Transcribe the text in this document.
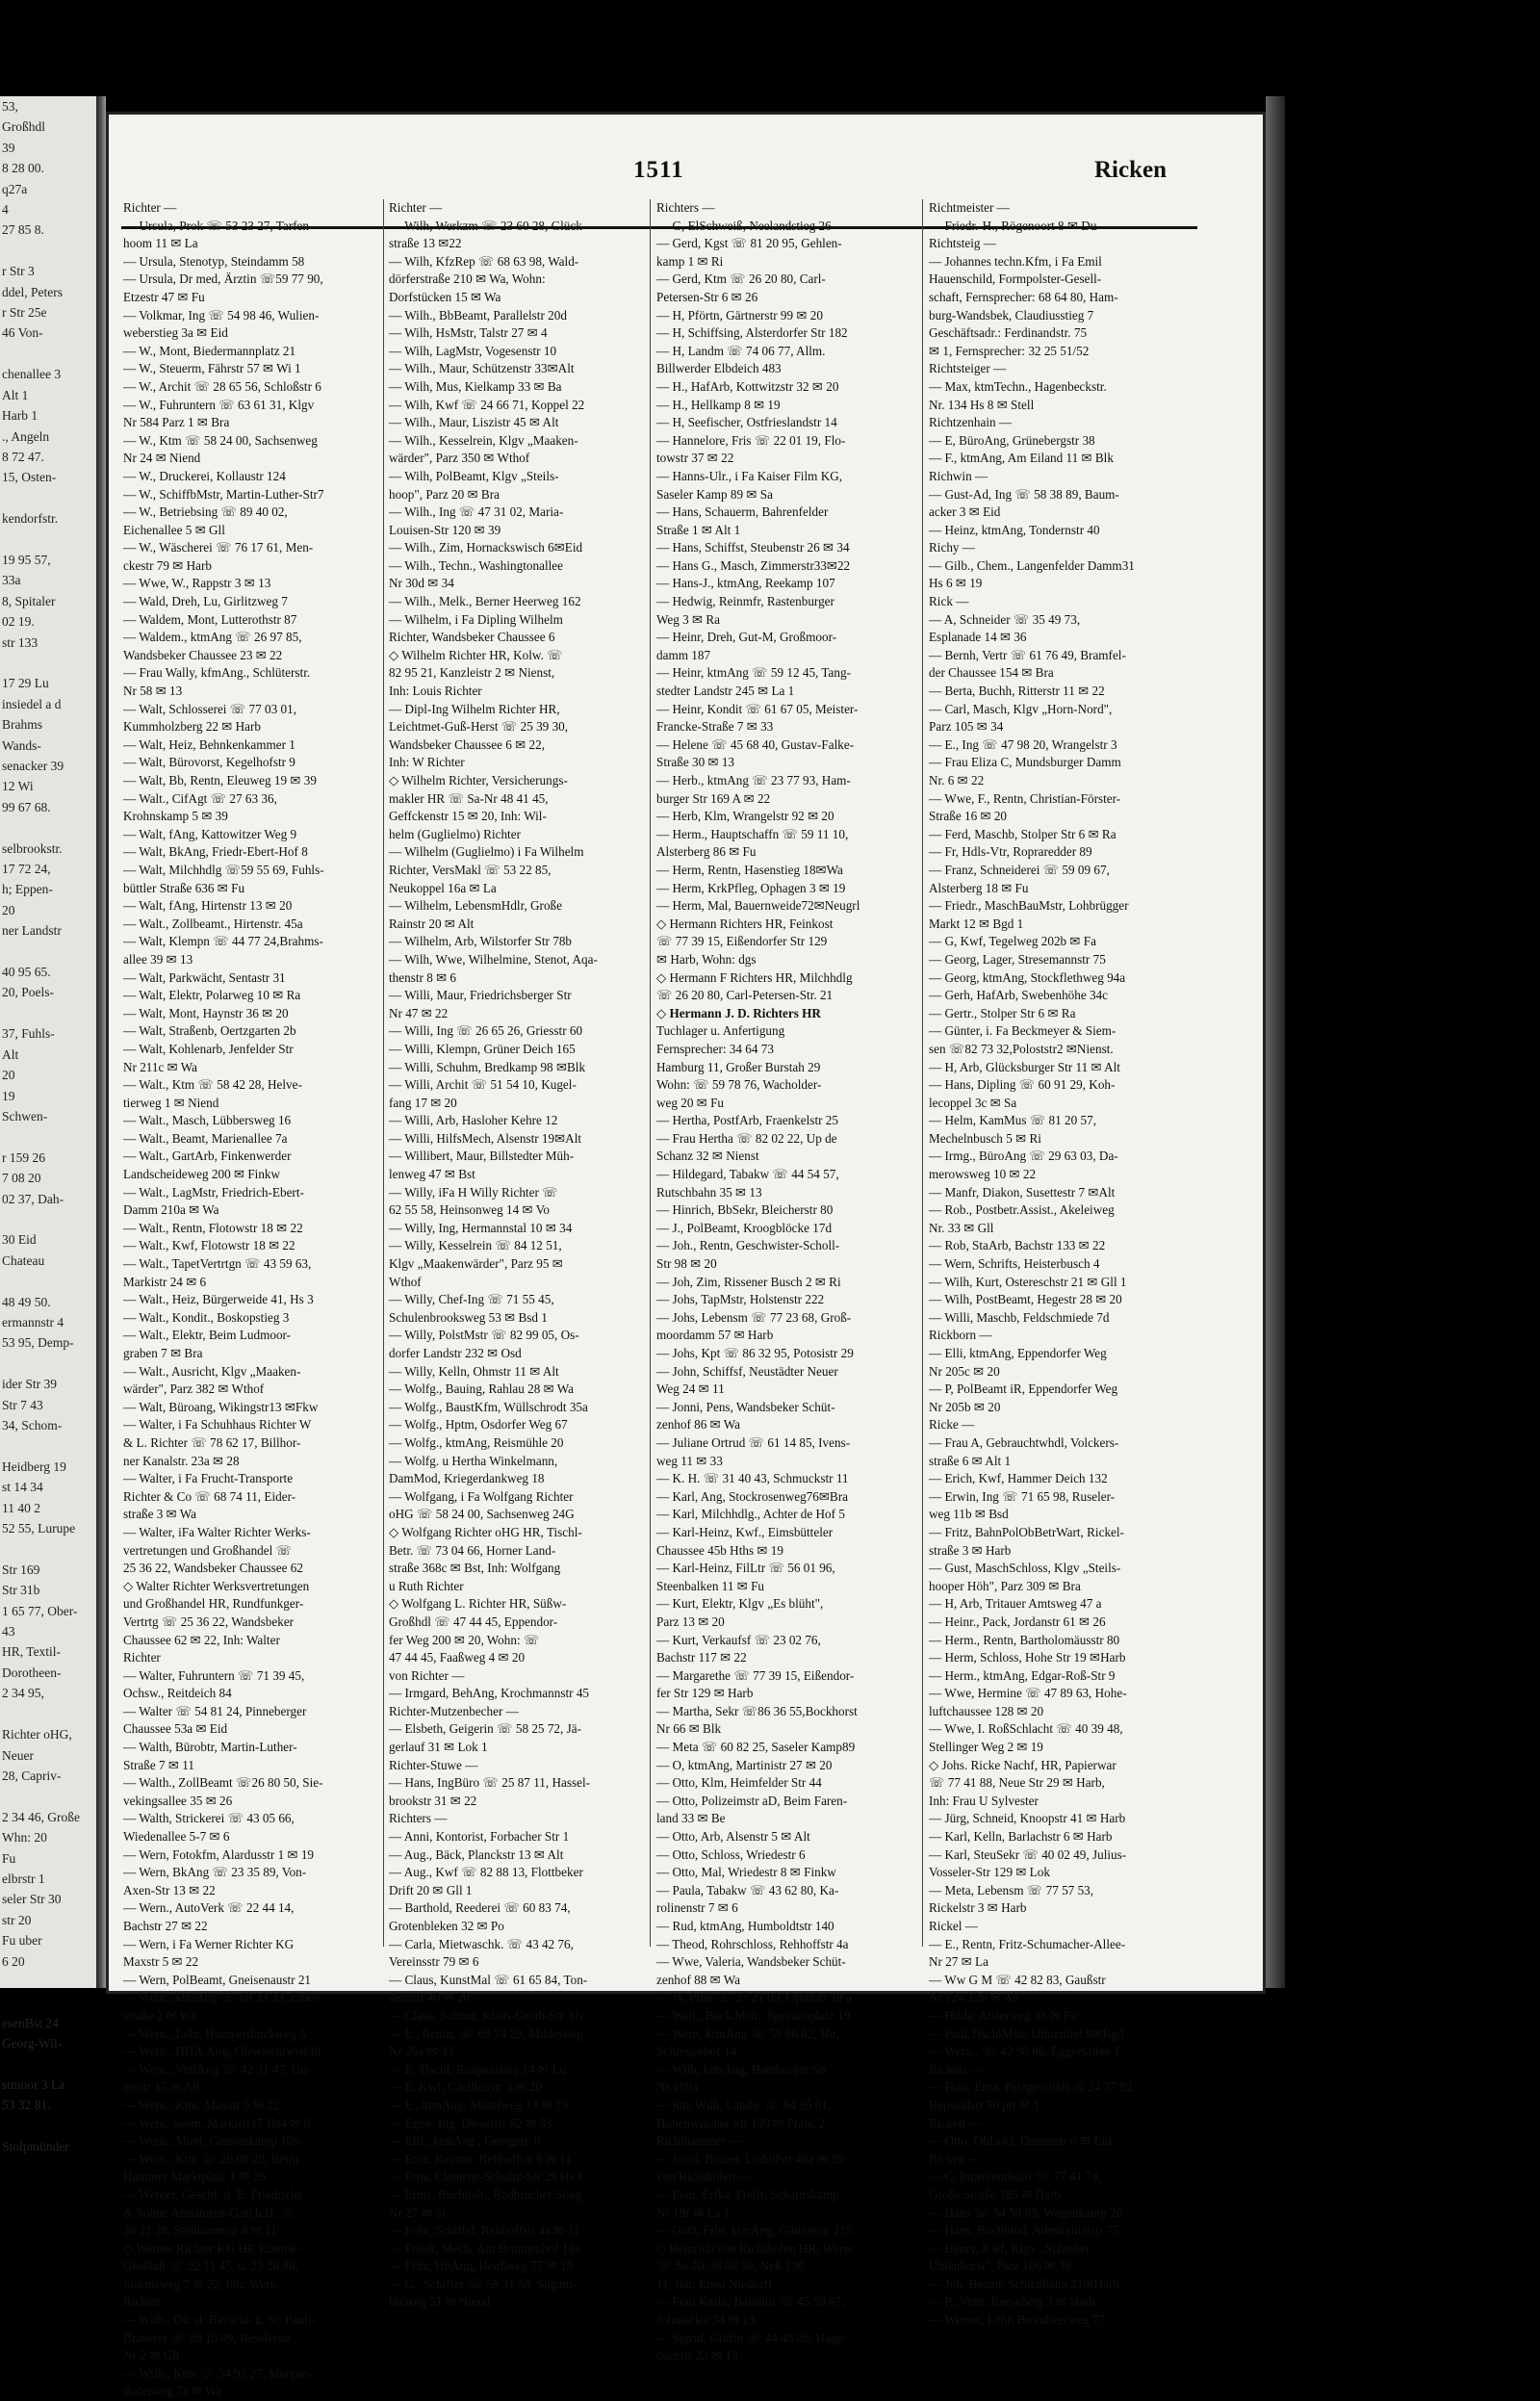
53,
Großhdl
39
8 28 00.
q27a
4
27 85 8.

r Str 3
ddel, Peters
r Str 25e
46 Von-

chenallee 3
Alt 1
Harb 1
., Angeln
8 72 47.
15, Osten-

kendorfstr.

19 95 57,
33a
8, Spitaler
02 19.
str 133

17 29 Lu
insiedel a d
Brahms
Wands-
senacker 39
12 Wi
99 67 68.

selbrookstr.
17 72 24,
h; Eppen-
20
ner Landstr

40 95 65.
20, Poels-

37, Fuhls-
Alt
20
19
Schwen-

r 159 26
7 08 20
02 37, Dah-

30 Eid
Chateau

48 49 50.
ermannstr 4
53 95, Demp-

ider Str 39
Str 7 43
34, Schom-

Heidberg 19
st 14 34
11 40 2
52 55, Lurupe

Str 169
Str 31b
1 65 77, Ober-
43
HR, Textil-
Dorotheen-
2 34 95,

Richter oHG,
Neuer
28, Capriv-

2 34 46, Große
Whn: 20
Fu
elbrstr 1
seler Str 30
str 20
Fu uber
6 20

esenBst 24
Georg-Wil-

stmoor 3 La
53 32 81.

Stolpmünder
1511	Ricken
Richter —
— Ursula, Prok ☏ 53 23 27, Tarfen-
hoom 11 ✉ La
— Ursula, Stenotyp, Steindamm 58
— Ursula, Dr med, Ärztin ☏59 77 90,
Etzestr 47 ✉ Fu
— Volkmar, Ing ☏ 54 98 46, Wulien-
weberstieg 3a ✉ Eid
— W., Mont, Biedermannplatz 21
— W., Steuerm, Fährstr 57 ✉ Wi 1
— W., Archit ☏ 28 65 56, Schloßstr 6
— W., Fuhruntern ☏ 63 61 31, Klgv
Nr 584 Parz 1 ✉ Bra
— W., Ktm ☏ 58 24 00, Sachsenweg
Nr 24 ✉ Niend
— W., Druckerei, Kollaustr 124
— W., SchiffbMstr, Martin-Luther-Str7
— W., Betriebsing ☏ 89 40 02,
Eichenallee 5 ✉ Gll
— W., Wäscherei ☏ 76 17 61, Men-
ckestr 79 ✉ Harb
— Wwe, W., Rappstr 3 ✉ 13
— Wald, Dreh, Lu, Girlitzweg 7
— Waldem, Mont, Lutterothstr 87
— Waldem., ktmAng ☏ 26 97 85,
Wandsbeker Chaussee 23 ✉ 22
— Frau Wally, kfmAng., Schlüterstr.
Nr 58 ✉ 13
— Walt, Schlosserei ☏ 77 03 01,
Kummholzberg 22 ✉ Harb
— Walt, Heiz, Behnkenkammer 1
— Walt, Bürovorst, Kegelhofstr 9
— Walt, Bb, Rentn, Eleuweg 19 ✉ 39
— Walt., CifAgt ☏ 27 63 36,
Krohnskamp 5 ✉ 39
— Walt, fAng, Kattowitzer Weg 9
— Walt, BkAng, Friedr-Ebert-Hof 8
— Walt, Milchhdlg ☏59 55 69, Fuhls-
büttler Straße 636 ✉ Fu
— Walt, fAng, Hirtenstr 13 ✉ 20
— Walt., Zollbeamt., Hirtenstr. 45a
— Walt, Klempn ☏ 44 77 24,Brahms-
allee 39 ✉ 13
— Walt, Parkwächt, Sentastr 31
— Walt, Elektr, Polarweg 10 ✉ Ra
— Walt, Mont, Haynstr 36 ✉ 20
— Walt, Straßenb, Oertzgarten 2b
— Walt, Kohlenarb, Jenfelder Str
Nr 211c ✉ Wa
— Walt., Ktm ☏ 58 42 28, Helve-
tierweg 1 ✉ Niend
— Walt., Masch, Lübbersweg 16
— Walt., Beamt, Marienallee 7a
— Walt., GartArb, Finkenwerder
Landscheideweg 200 ✉ Finkw
— Walt., LagMstr, Friedrich-Ebert-
Damm 210a ✉ Wa
— Walt., Rentn, Flotowstr 18 ✉ 22
— Walt., Kwf, Flotowstr 18 ✉ 22
— Walt., TapetVertrtgn ☏ 43 59 63,
Markistr 24 ✉ 6
— Walt., Heiz, Bürgerweide 41, Hs 3
— Walt., Kondit., Boskopstieg 3
— Walt., Elektr, Beim Ludmoor-
graben 7 ✉ Bra
— Walt., Ausricht, Klgv „Maaken-
wärder", Parz 382 ✉ Wthof
— Walt, Büroang, Wikingstr13 ✉Fkw
— Walter, i Fa Schuhhaus Richter W
& L. Richter ☏ 78 62 17, Billhor-
ner Kanalstr. 23a ✉ 28
— Walter, i Fa Frucht-Transporte
Richter & Co ☏ 68 74 11, Eider-
straße 3 ✉ Wa
— Walter, iFa Walter Richter Werks-
vertretungen und Großhandel ☏
25 36 22, Wandsbeker Chaussee 62
◇ Walter Richter Werksvertretungen
und Großhandel HR, Rundfunkger-
Vertrtg ☏ 25 36 22, Wandsbeker
Chaussee 62 ✉ 22, Inh: Walter
Richter
— Walter, Fuhruntern ☏ 71 39 45,
Ochsw., Reitdeich 84
— Walter ☏ 54 81 24, Pinneberger
Chaussee 53a ✉ Eid
— Walth, Bürobtr, Martin-Luther-
Straße 7 ✉ 11
— Walth., ZollBeamt ☏26 80 50, Sie-
vekingsallee 35 ✉ 26
— Walth, Strickerei ☏ 43 05 66,
Wiedenallee 5-7 ✉ 6
— Wern, Fotokfm, Alardusstr 1 ✉ 19
— Wern, BkAng ☏ 23 35 89, Von-
Axen-Str 13 ✉ 22
— Wern., AutoVerk ☏ 22 44 14,
Bachstr 27 ✉ 22
— Wern, i Fa Werner Richter KG
Maxstr 5 ✉ 22
— Wern, PolBeamt, Gneisenaustr 21
— Wern., ktmAng ☏ 68 33 33, Eider-
straße 2 ✉ Wa
— Wern., Lehr, Humperdinckweg 3
— Wern., HHA.Ang, Olewischtwiet30
— Wern., VerlAng ☏ 42 31 47, Un-
zerstr 15 ✉ Alt
— Wern., Ktm, Maxstr 5 ✉ 22
— Wern, Seem, Markistr17 Hs4 ✉ 6
— Wern., Mont, Gerstenkamp 10b
— Wern., Ktm ☏ 26 08 28, Beim
Hammer Marktplatz 1 ✉ 26
— Werner, Geschf. d. E. Friedrichs
& Söhne Armaturen-G.m.b.H. ☏
36 21 38, Steilhamnstr 8 ✉ 11
◇ Werner Richter KG HR Eisenw-
Großhdl ☏ 22 11 45, u. 23 28 86,
Stormsweg 7 ✉ 22, Inh: Wern.
Richter
— Wilh., Dir. d. Bavaria- u. St. Pauli-
Brauerei ☏ 89 15 09, Beselerstr
Nr 2 ✉ Gll
— Wilh., Ktm ☏ 54 92 27, Mergen-
thalerweg 7c ✉ Wa
Richter —
— Wilh, Werkzm ☏ 23 60 28, Glück-
straße 13 ✉22
— Wilh, KfzRep ☏ 68 63 98, Wald-
dörferstraße 210 ✉ Wa, Wohn:
Dorfstücken 15 ✉ Wa
— Wilh., BbBeamt, Parallelstr 20d
— Wilh, HsMstr, Talstr 27 ✉ 4
— Wilh, LagMstr, Vogesenstr 10
— Wilh., Maur, Schützenstr 33✉Alt
— Wilh, Mus, Kielkamp 33 ✉ Ba
— Wilh, Kwf ☏ 24 66 71, Koppel 22
— Wilh., Maur, Liszistr 45 ✉ Alt
— Wilh., Kesselrein, Klgv „Maaken-
wärder", Parz 350 ✉ Wthof
— Wilh, PolBeamt, Klgv „Steils-
hoop", Parz 20 ✉ Bra
— Wilh., Ing ☏ 47 31 02, Maria-
Louisen-Str 120 ✉ 39
— Wilh., Zim, Hornackswisch 6✉Eid
— Wilh., Techn., Washingtonallee
Nr 30d ✉ 34
— Wilh., Melk., Berner Heerweg 162
— Wilhelm, i Fa Dipling Wilhelm
Richter, Wandsbeker Chaussee 6
◇ Wilhelm Richter HR, Kolw. ☏
82 95 21, Kanzleistr 2 ✉ Nienst,
Inh: Louis Richter
— Dipl-Ing Wilhelm Richter HR,
Leichtmet-Guß-Herst ☏ 25 39 30,
Wandsbeker Chaussee 6 ✉ 22,
Inh: W Richter
◇ Wilhelm Richter, Versicherungs-
makler HR ☏ Sa-Nr 48 41 45,
Geffckenstr 15 ✉ 20, Inh: Wil-
helm (Guglielmo) Richter
— Wilhelm (Guglielmo) i Fa Wilhelm
Richter, VersMakl ☏ 53 22 85,
Neukoppel 16a ✉ La
— Wilhelm, LebensmHdlr, Große
Rainstr 20 ✉ Alt
— Wilhelm, Arb, Wilstorfer Str 78b
— Wilh, Wwe, Wilhelmine, Stenot, Aqa-
thenstr 8 ✉ 6
— Willi, Maur, Friedrichsberger Str
Nr 47 ✉ 22
— Willi, Ing ☏ 26 65 26, Griesstr 60
— Willi, Klempn, Grüner Deich 165
— Willi, Schuhm, Bredkamp 98 ✉Blk
— Willi, Archit ☏ 51 54 10, Kugel-
fang 17 ✉ 20
— Willi, Arb, Hasloher Kehre 12
— Willi, HilfsMech, Alsenstr 19✉Alt
— Willibert, Maur, Billstedter Müh-
lenweg 47 ✉ Bst
— Willy, iFa H Willy Richter ☏
62 55 58, Heinsonweg 14 ✉ Vo
— Willy, Ing, Hermannstal 10 ✉ 34
— Willy, Kesselrein ☏ 84 12 51,
Klgv „Maakenwärder", Parz 95 ✉
Wthof
— Willy, Chef-Ing ☏ 71 55 45,
Schulenbrooksweg 53 ✉ Bsd 1
— Willy, PolstMstr ☏ 82 99 05, Os-
dorfer Landstr 232 ✉ Osd
— Willy, Kelln, Ohmstr 11 ✉ Alt
— Wolfg., Bauing, Rahlau 28 ✉ Wa
— Wolfg., BaustKfm, Wüllschrodt 35a
— Wolfg., Hptm, Osdorfer Weg 67
— Wolfg., ktmAng, Reismühle 20
— Wolfg. u Hertha Winkelmann,
DamMod, Kriegerdankweg 18
— Wolfgang, i Fa Wolfgang Richter
oHG ☏ 58 24 00, Sachsenweg 24G
◇ Wolfgang Richter oHG HR, Tischl-
Betr. ☏ 73 04 66, Horner Land-
straße 368c ✉ Bst, Inh: Wolfgang
u Ruth Richter
◇ Wolfgang L. Richter HR, Süßw-
Großhdl ☏ 47 44 45, Eppendor-
fer Weg 200 ✉ 20, Wohn: ☏
47 44 45, Faaßweg 4 ✉ 20
von Richter —
— Irmgard, BehAng, Krochmannstr 45
Richter-Mutzenbecher —
— Elsbeth, Geigerin ☏ 58 25 72, Jä-
gerlauf 31 ✉ Lok 1
Richter-Stuwe —
— Hans, IngBüro ☏ 25 87 11, Hassel-
brookstr 31 ✉ 22
Richters —
— Anni, Kontorist, Forbacher Str 1
— Aug., Bäck, Planckstr 13 ✉ Alt
— Aug., Kwf ☏ 82 88 13, Flottbeker
Drift 20 ✉ Gll 1
— Barthold, Reederei ☏ 60 83 74,
Grotenbleken 32 ✉ Po
— Carla, Mietwaschk. ☏ 43 42 76,
Vereinsstr 79 ✉ 6
— Claus, KunstMal ☏ 61 65 84, Ton-
dernstr 40 ✉ 20
— Claus, Schmd, Klaus-Groth-Str 31c
— E., Rentn, ☏ 69 74 29, Mildestieg
Nr 26a ✉ 33
— E, Tischl, Raupenstieg 14 ✉ Lu
— E, Kwf, Cäcilienstr 3 ✉ 20
— E., ktmAng, Mittelweg 13 ✉ 13
— Egon, Ing, Dieselstr 62 ✉ 33
— Elfr., ktmAng., Georgstr. 8
— Erna, Reinmr, Rehhoffstr 9 ✉ 11
— Erna, Clemens-Schultz-Str 29 Hs 1
— Ernst, Buchhalt., Radbrucher Stieg
Nr 27 ✉ Si
— Fritz, Schiffsf, Rehhoffstr 4a ✉ 11
— Friedr, Mech, Am Brunnenhof 18a
— Fritz, HbAng, Heußweg 75 ✉ 19
— G., Schiffer ☏ 58 31 58, Sugam-
breweg 51 ✉ Niend
Richters —
— G, ElSchweiß, Neelandstieg 26
— Gerd, Kgst ☏ 81 20 95, Gehlen-
kamp 1 ✉ Ri
— Gerd, Ktm ☏ 26 20 80, Carl-
Petersen-Str 6 ✉ 26
— H, Pförtn, Gärtnerstr 99 ✉ 20
— H, Schiffsing, Alsterdorfer Str 182
— H, Landm ☏ 74 06 77, Allm.
Billwerder Elbdeich 483
— H., HafArb, Kottwitzstr 32 ✉ 20
— H., Hellkamp 8 ✉ 19
— H, Seefischer, Ostfrieslandstr 14
— Hannelore, Fris ☏ 22 01 19, Flo-
towstr 37 ✉ 22
— Hanns-Ulr., i Fa Kaiser Film KG,
Saseler Kamp 89 ✉ Sa
— Hans, Schauerm, Bahrenfelder
Straße 1 ✉ Alt 1
— Hans, Schiffst, Steubenstr 26 ✉ 34
— Hans G., Masch, Zimmerstr33✉22
— Hans-J., ktmAng, Reekamp 107
— Hedwig, Reinmfr, Rastenburger
Weg 3 ✉ Ra
— Heinr, Dreh, Gut-M, Großmoor-
damm 187
— Heinr, ktmAng ☏ 59 12 45, Tang-
stedter Landstr 245 ✉ La 1
— Heinr, Kondit ☏ 61 67 05, Meister-
Francke-Straße 7 ✉ 33
— Helene ☏ 45 68 40, Gustav-Falke-
Straße 30 ✉ 13
— Herb., ktmAng ☏ 23 77 93, Ham-
burger Str 169 A ✉ 22
— Herb, Klm, Wrangelstr 92 ✉ 20
— Herm., Hauptschaffn ☏ 59 11 10,
Alsterberg 86 ✉ Fu
— Herm, Rentn, Hasenstieg 18✉Wa
— Herm, KrkPfleg, Ophagen 3 ✉ 19
— Herm, Mal, Bauernweide72✉Neugrl
◇ Hermann Richters HR, Feinkost
☏ 77 39 15, Eißendorfer Str 129
✉ Harb, Wohn: dgs
◇ Hermann F Richters HR, Milchhdlg
☏ 26 20 80, Carl-Petersen-Str. 21
◇ Hermann J. D. Richters HR
Tuchlager u. Anfertigung
Fernsprecher: 34 64 73
Hamburg 11, Großer Burstah 29
Wohn: ☏ 59 78 76, Wacholder-
weg 20 ✉ Fu
— Hertha, PostfArb, Fraenkelstr 25
— Frau Hertha ☏ 82 02 22, Up de
Schanz 32 ✉ Nienst
— Hildegard, Tabakw ☏ 44 54 57,
Rutschbahn 35 ✉ 13
— Hinrich, BbSekr, Bleicherstr 80
— J., PolBeamt, Kroogblöcke 17d
— Joh., Rentn, Geschwister-Scholl-
Str 98 ✉ 20
— Joh, Zim, Rissener Busch 2 ✉ Ri
— Johs, TapMstr, Holstenstr 222
— Johs, Lebensm ☏ 77 23 68, Groß-
moordamm 57 ✉ Harb
— Johs, Kpt ☏ 86 32 95, Potosistr 29
— John, Schiffsf, Neustädter Neuer
Weg 24 ✉ 11
— Jonni, Pens, Wandsbeker Schüt-
zenhof 86 ✉ Wa
— Juliane Ortrud ☏ 61 14 85, Ivens-
weg 11 ✉ 33
— K. H. ☏ 31 40 43, Schmuckstr 11
— Karl, Ang, Stockrosenweg76✉Bra
— Karl, Milchhdlg., Achter de Hof 5
— Karl-Heinz, Kwf., Eimsbütteler
Chaussee 45b Hths ✉ 19
— Karl-Heinz, FilLtr ☏ 56 01 96,
Steenbalken 11 ✉ Fu
— Kurt, Elektr, Klgv „Es blüht",
Parz 13 ✉ 20
— Kurt, Verkaufsf ☏ 23 02 76,
Bachstr 117 ✉ 22
— Margarethe ☏ 77 39 15, Eißendor-
fer Str 129 ✉ Harb
— Martha, Sekr ☏86 36 55,Bockhorst
Nr 66 ✉ Blk
— Meta ☏ 60 82 25, Saseler Kamp89
— O, ktmAng, Martinistr 27 ✉ 20
— Otto, Klm, Heimfelder Str 44
— Otto, Polizeimstr aD, Beim Faren-
land 33 ✉ Be
— Otto, Arb, Alsenstr 5 ✉ Alt
— Otto, Schloss, Wriedestr 6
— Otto, Mal, Wriedestr 8 ✉ Finkw
— Paula, Tabakw ☏ 43 62 80, Ka-
rolinenstr 7 ✉ 6
— Rud, ktmAng, Humboldtstr 140
— Theod, Rohrschloss, Rehhoffstr 4a
— Wwe, Valeria, Wandsbeker Schüt-
zenhof 88 ✉ Wa
— W, Prok ☏ 27 21 09, Opitzstr 18 a
— Walt., Bäck.Mstr., Spritzenplatz 19
— Wern, ktmAng ☏ 59 86 62, Hu,
Schregenhof 14
— Wilh, ktmAng, Hamburger Str
Nr 169a
— jun, Wilh, Landw ☏ 84 95 01,
Hohenwischer Str 139 ✉ Franc 2
Richthammer —
— Josef, Brauer, Ludolfstr 46a ✉ 20
von Richthofen —
— Frau, Erika, Freifr, Scharnskamp
Nr 19f ✉ La 1
— Götz, Frhr, ktmAng, Gärtnerstr 115
◇ Heinrich von Richthofen HR, Wersc
☏ Sa-Nr 36 68 58, Neß 1 ✉
11, Inh: Ernst Niedorff
— Frau Karin, Baronin ☏ 45 59 87,
Johnsallee 54 ✉ 13
— Sigrid, Gräfin ☏ 44 45 05, Hage-
dornstr 22 ✉ 13
Richtmeister —
— Friedr.-H., Rögenoort 8 ✉ Du
Richtsteig —
— Johannes techn.Kfm, i Fa Emil
Hauenschild, Formpolster-Gesell-
schaft, Fernsprecher: 68 64 80, Ham-
burg-Wandsbek, Claudiusstieg 7
Geschäftsadr.: Ferdinandstr. 75
✉ 1, Fernsprecher: 32 25 51/52
Richtsteiger —
— Max, ktmTechn., Hagenbeckstr.
Nr. 134 Hs 8 ✉ Stell
Richtzenhain —
— E, BüroAng, Grünebergstr 38
— F., ktmAng, Am Eiland 11 ✉ Blk
Richwin —
— Gust-Ad, Ing ☏ 58 38 89, Baum-
acker 3 ✉ Eid
— Heinz, ktmAng, Tondernstr 40
Richy —
— Gilb., Chem., Langenfelder Damm31
Hs 6 ✉ 19
Rick —
— A, Schneider ☏ 35 49 73,
Esplanade 14 ✉ 36
— Bernh, Vertr ☏ 61 76 49, Bramfel-
der Chaussee 154 ✉ Bra
— Berta, Buchh, Ritterstr 11 ✉ 22
— Carl, Masch, Klgv „Horn-Nord",
Parz 105 ✉ 34
— E., Ing ☏ 47 98 20, Wrangelstr 3
— Frau Eliza C, Mundsburger Damm
Nr. 6 ✉ 22
— Wwe, F., Rentn, Christian-Förster-
Straße 16 ✉ 20
— Ferd, Maschb, Stolper Str 6 ✉ Ra
— Fr, Hdls-Vtr, Ropraredder 89
— Franz, Schneiderei ☏ 59 09 67,
Alsterberg 18 ✉ Fu
— Friedr., MaschBauMstr, Lohbrügger
Markt 12 ✉ Bgd 1
— G, Kwf, Tegelweg 202b ✉ Fa
— Georg, Lager, Stresemannstr 75
— Georg, ktmAng, Stockflethweg 94a
— Gerh, HafArb, Swebenhöhe 34c
— Gertr., Stolper Str 6 ✉ Ra
— Günter, i. Fa Beckmeyer & Siem-
sen ☏82 73 32,Poloststr2 ✉Nienst.
— H, Arb, Glücksburger Str 11 ✉ Alt
— Hans, Dipling ☏ 60 91 29, Koh-
lecoppel 3c ✉ Sa
— Helm, KamMus ☏ 81 20 57,
Mechelnbusch 5 ✉ Ri
— Irmg., BüroAng ☏ 29 63 03, Da-
merowsweg 10 ✉ 22
— Manfr, Diakon, Susettestr 7 ✉Alt
— Rob., Postbetr.Assist., Akeleiweg
Nr. 33 ✉ Gll
— Rob, StaArb, Bachstr 133 ✉ 22
— Wern, Schrifts, Heisterbusch 4
— Wilh, Kurt, Ostereschstr 21 ✉ Gll 1
— Wilh, PostBeamt, Hegestr 28 ✉ 20
— Willi, Maschb, Feldschmiede 7d
Rickborn —
— Elli, ktmAng, Eppendorfer Weg
Nr 205c ✉ 20
— P, PolBeamt iR, Eppendorfer Weg
Nr 205b ✉ 20
Ricke —
— Frau A, Gebrauchtwhdl, Volckers-
straße 6 ✉ Alt 1
— Erich, Kwf, Hammer Deich 132
— Erwin, Ing ☏ 71 65 98, Ruseler-
weg 11b ✉ Bsd
— Fritz, BahnPolObBetrWart, Rickel-
straße 3 ✉ Harb
— Gust, MaschSchloss, Klgv „Steils-
hooper Höh", Parz 309 ✉ Bra
— H, Arb, Tritauer Amtsweg 47 a
— Heinr., Pack, Jordanstr 61 ✉ 26
— Herm., Rentn, Bartholomäusstr 80
— Herm, Schloss, Hohe Str 19 ✉Harb
— Herm., ktmAng, Edgar-Roß-Str 9
— Wwe, Hermine ☏ 47 89 63, Hohe-
luftchaussee 128 ✉ 20
— Wwe, I. RoßSchlacht ☏ 40 39 48,
Stellinger Weg 2 ✉ 19
◇ Johs. Ricke Nachf, HR, Papierwar
☏ 77 41 88, Neue Str 29 ✉ Harb,
Inh: Frau U Sylvester
— Jürg, Schneid, Knoopstr 41 ✉ Harb
— Karl, Kelln, Barlachstr 6 ✉ Harb
— Karl, SteuSekr ☏ 40 02 49, Julius-
Vosseler-Str 129 ✉ Lok
— Meta, Lebensm ☏ 77 57 53,
Rickelstr 3 ✉ Harb
Rickel —
— E., Rentn, Fritz-Schumacher-Allee-
Nr 27 ✉ La
— Ww G M ☏ 42 82 83, Gaußstr
Nr 124/126 ✉ Alt
— Hilda, Alsterweg 38 ✉ Fu
— Paul,TischlMstr, Ulmenliet 9✉Bgd
— Wern., ☏ 42 98 86, Eggersallee 1
Rickeis —
— Frau, Erna, Pelzgeschäft ☏24 37 92
Repsoldstr 50 ptr ✉ 1
Rickelt —
— Otto, ObLokf, Dammstr 6 ✉ Eid
Ricken —
— C, Ingenieurbüro ☏ 77 41 74,
Große Straße 185 ✉ Harb
— Hans ☏ 54 59 85, Wegenkamp 26
— Hans, Buchbind, Admiralitätstr 75
— Henry, Kwf, Klgv „Schreber
Uhlenhorst", Parz 106 ✉ 39
— Joh, Beamt, Schießbahn 21✉Harb
— P., Vertr, Reeseberg 3 ✉ Harb
— Werner, Lehr, Brombeerweg 77
